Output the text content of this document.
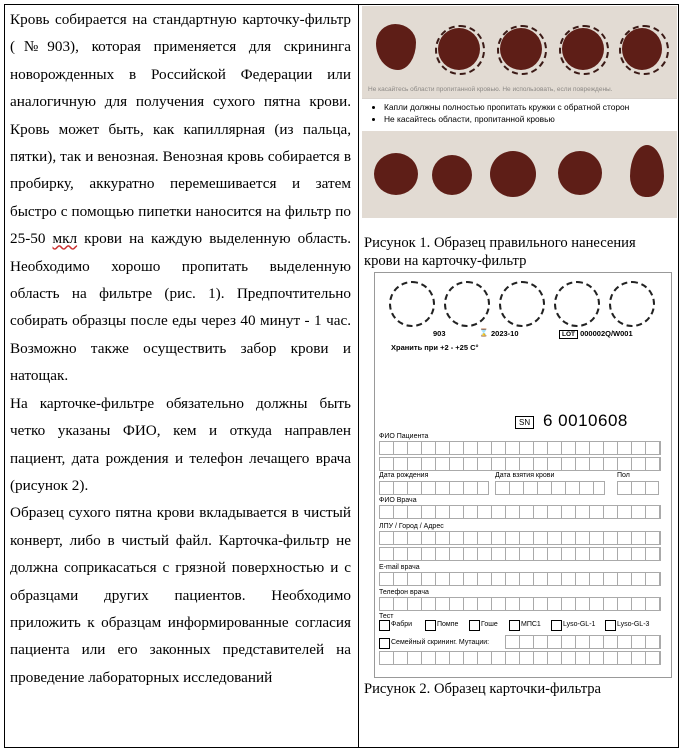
Кровь собирается на стандартную карточку-фильтр (№903), которая применяется для скрининга новорожденных в Российской Федерации или аналогичную для получения сухого пятна крови. Кровь может быть, как капиллярная (из пальца, пятки), так и венозная. Венозная кровь собирается в пробирку, аккуратно перемешивается и затем быстро с помощью пипетки наносится на фильтр по 25-50 мкл крови на каждую выделенную область. Необходимо хорошо пропитать выделенную область на фильтре (рис. 1). Предпочтительно собирать образцы после еды через 40 минут - 1 час. Возможно также осуществить забор крови и натощак.

На карточке-фильтре обязательно должны быть четко указаны ФИО, кем и откуда направлен пациент, дата рождения и телефон лечащего врача (рисунок 2).

Образец сухого пятна крови вкладывается в чистый конверт, либо в чистый файл. Карточка-фильтр не должна соприкасаться с грязной поверхностью и с образцами других пациентов. Необходимо приложить к образцам информированные согласия пациента или его законных представителей на проведение лабораторных исследований

Не касайтесь области пропитанной кровью. Не использовать, если повреждены.
• Капли должны полностью пропитать кружки с обратной сторон
• Не касайтесь области, пропитанной кровью
Рисунок 1. Образец правильного нанесения крови на карточку-фильтр
903	⌛ 2023-10	LOT 000002Q/W001
Хранить при +2 - +25 С°
SN 6 0010608
ФИО Пациента
Дата рождения	Дата взятия крови	Пол
ФИО Врача
ЛПУ / Город / Адрес
E-mail врача
Телефон врача
Тест
Фабри	Помпе	Гоше	МПС1	Lyso-GL-1	Lyso-GL-3
Семейный скрининг. Мутации:
Рисунок 2. Образец карточки-фильтра
